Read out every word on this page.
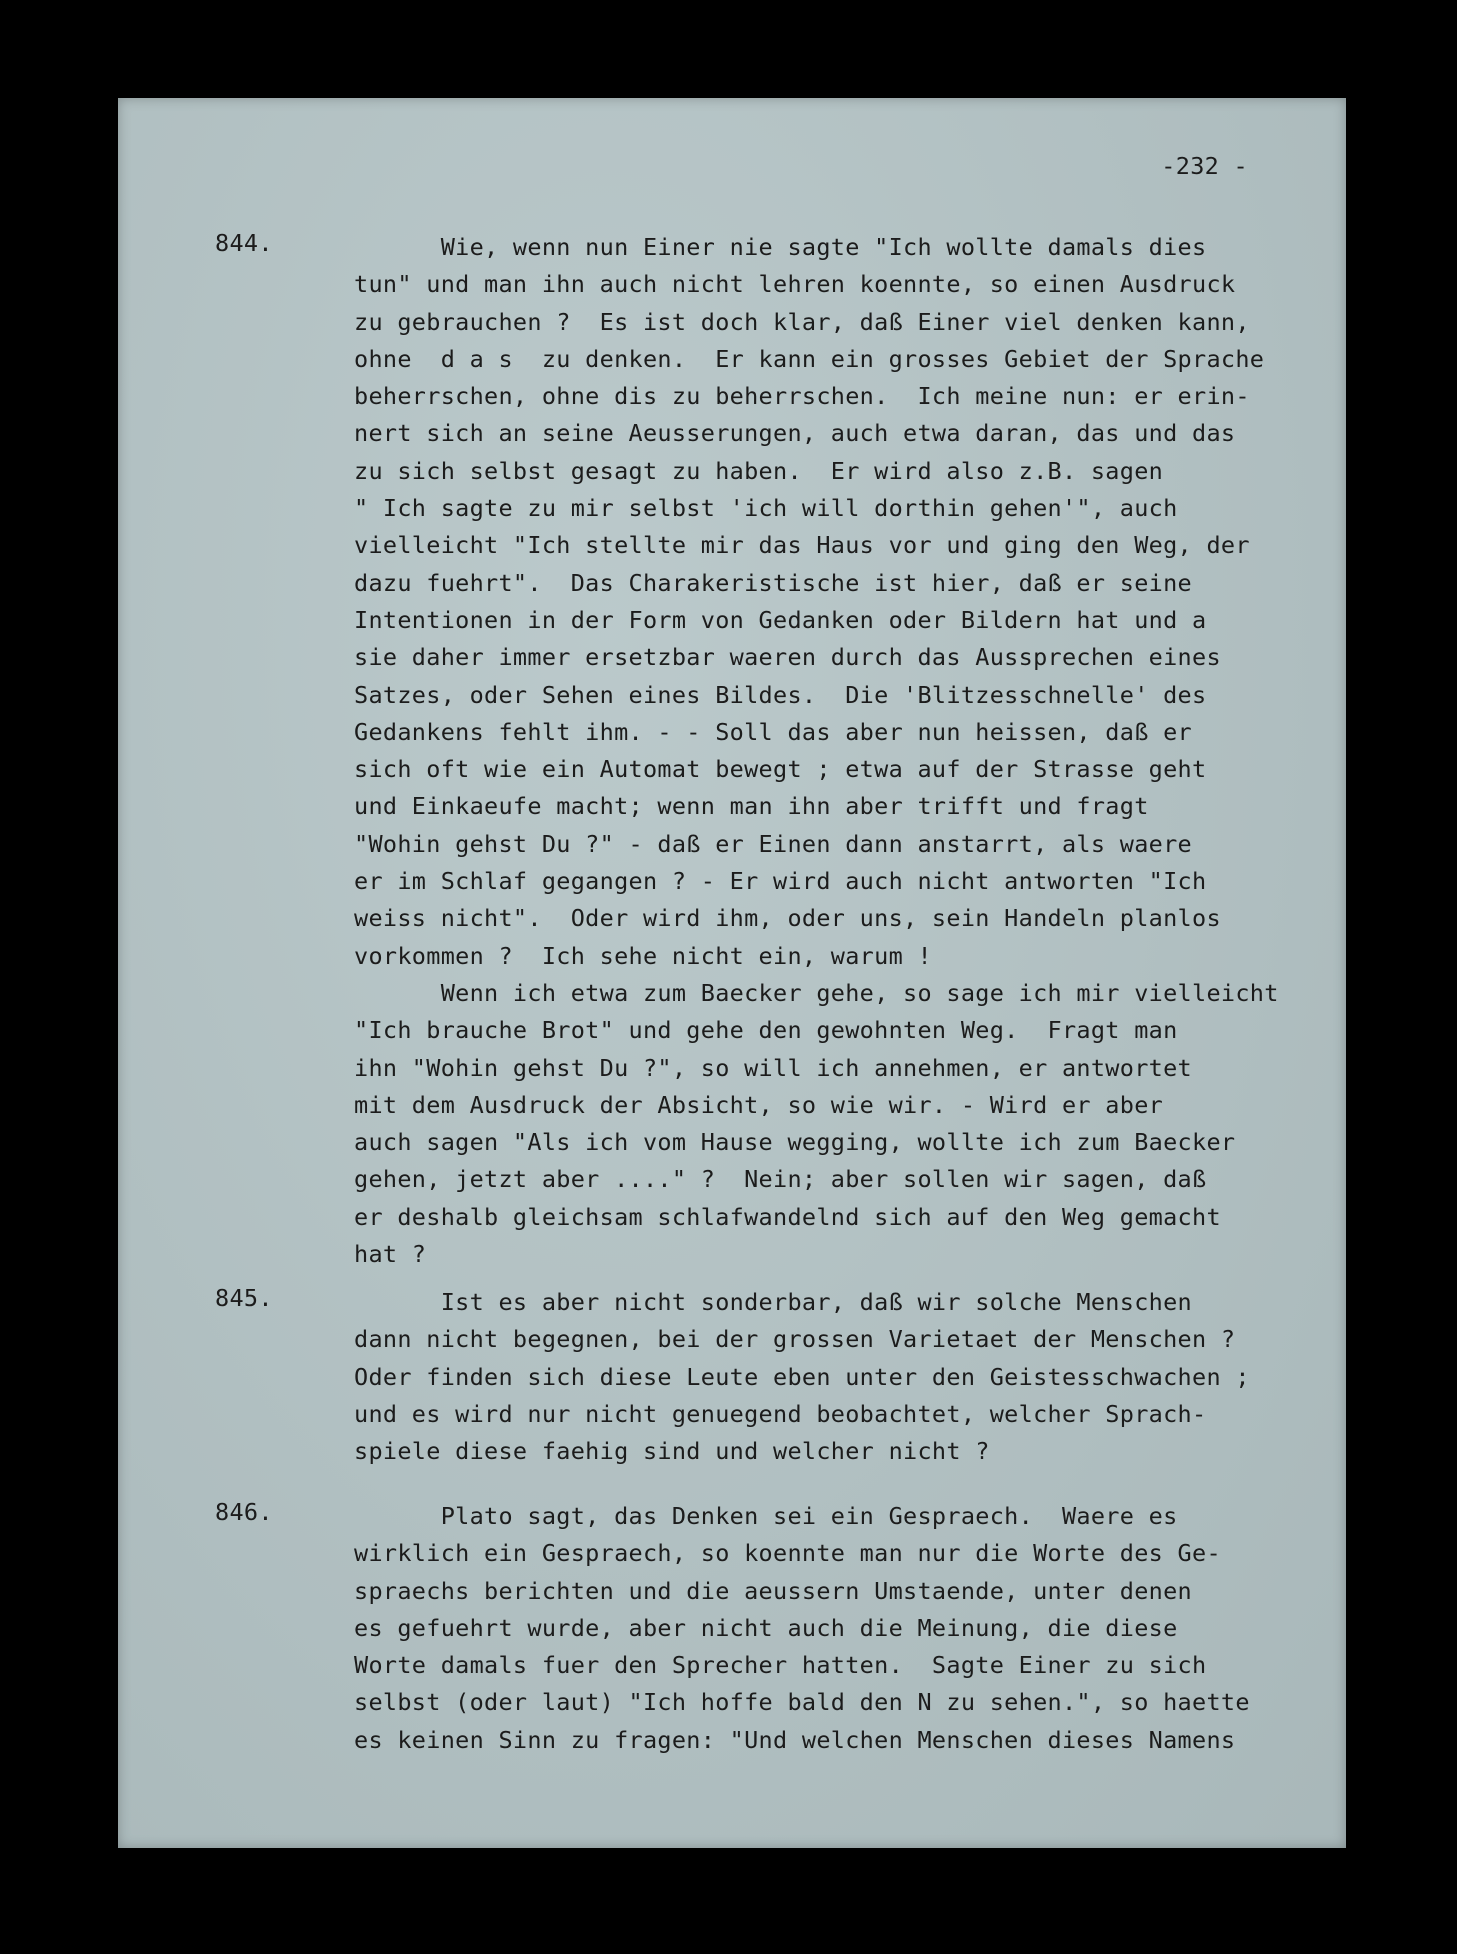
-232 -
844.	Wie, wenn nun Einer nie sagte "Ich wollte damals dies
tun" und man ihn auch nicht lehren koennte, so einen Ausdruck
zu gebrauchen ?  Es ist doch klar, daß Einer viel denken kann,
ohne  d a s  zu denken.  Er kann ein grosses Gebiet der Sprache
beherrschen, ohne dis zu beherrschen.  Ich meine nun: er erin-
nert sich an seine Aeusserungen, auch etwa daran, das und das
zu sich selbst gesagt zu haben.  Er wird also z.B. sagen
" Ich sagte zu mir selbst 'ich will dorthin gehen'", auch
vielleicht "Ich stellte mir das Haus vor und ging den Weg, der
dazu fuehrt".  Das Charakeristische ist hier, daß er seine
Intentionen in der Form von Gedanken oder Bildern hat und a
sie daher immer ersetzbar waeren durch das Aussprechen eines
Satzes, oder Sehen eines Bildes.  Die 'Blitzesschnelle' des
Gedankens fehlt ihm. - - Soll das aber nun heissen, daß er
sich oft wie ein Automat bewegt ; etwa auf der Strasse geht
und Einkaeufe macht; wenn man ihn aber trifft und fragt
"Wohin gehst Du ?" - daß er Einen dann anstarrt, als waere
er im Schlaf gegangen ? - Er wird auch nicht antworten "Ich
weiss nicht".  Oder wird ihm, oder uns, sein Handeln planlos
vorkommen ?  Ich sehe nicht ein, warum !
Wenn ich etwa zum Baecker gehe, so sage ich mir vielleicht
"Ich brauche Brot" und gehe den gewohnten Weg.  Fragt man
ihn "Wohin gehst Du ?", so will ich annehmen, er antwortet
mit dem Ausdruck der Absicht, so wie wir. - Wird er aber
auch sagen "Als ich vom Hause wegging, wollte ich zum Baecker
gehen, jetzt aber ...." ?  Nein; aber sollen wir sagen, daß
er deshalb gleichsam schlafwandelnd sich auf den Weg gemacht
hat ?
845.	Ist es aber nicht sonderbar, daß wir solche Menschen
dann nicht begegnen, bei der grossen Varietaet der Menschen ?
Oder finden sich diese Leute eben unter den Geistesschwachen ;
und es wird nur nicht genuegend beobachtet, welcher Sprach-
spiele diese faehig sind und welcher nicht ?
846.	Plato sagt, das Denken sei ein Gespraech.  Waere es
wirklich ein Gespraech, so koennte man nur die Worte des Ge-
spraechs berichten und die aeussern Umstaende, unter denen
es gefuehrt wurde, aber nicht auch die Meinung, die diese
Worte damals fuer den Sprecher hatten.  Sagte Einer zu sich
selbst (oder laut) "Ich hoffe bald den N zu sehen.", so haette
es keinen Sinn zu fragen: "Und welchen Menschen dieses Namens
